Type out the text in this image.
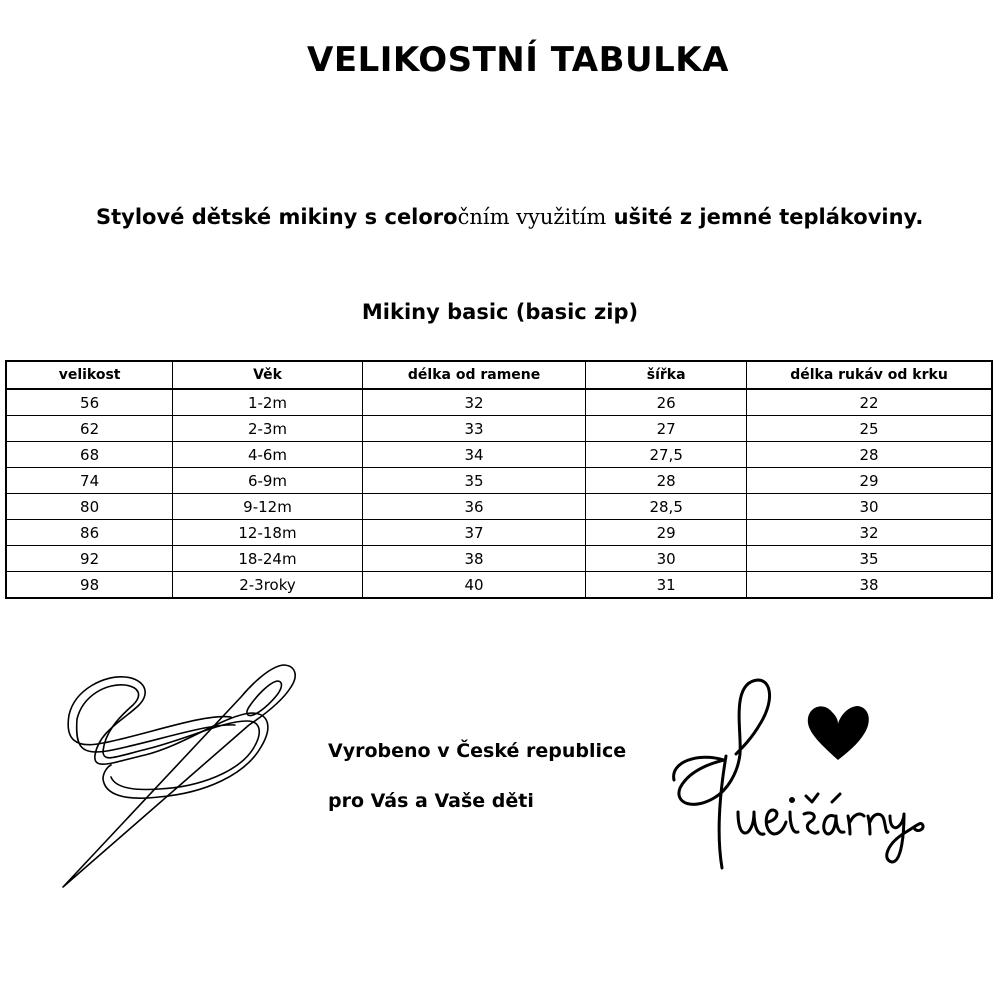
VELIKOSTNÍ TABULKA
Stylové dětské mikiny s celoročním využitím ušité z jemné teplákoviny.
Mikiny basic (basic zip)
velikost	Věk	délka od ramene	šířka	délka rukáv od krku
56	1-2m	32	26	22
62	2-3m	33	27	25
68	4-6m	34	27,5	28
74	6-9m	35	28	29
80	9-12m	36	28,5	30
86	12-18m	37	29	32
92	18-24m	38	30	35
98	2-3roky	40	31	38
Vyrobeno v České republice
pro Vás a Vaše děti
